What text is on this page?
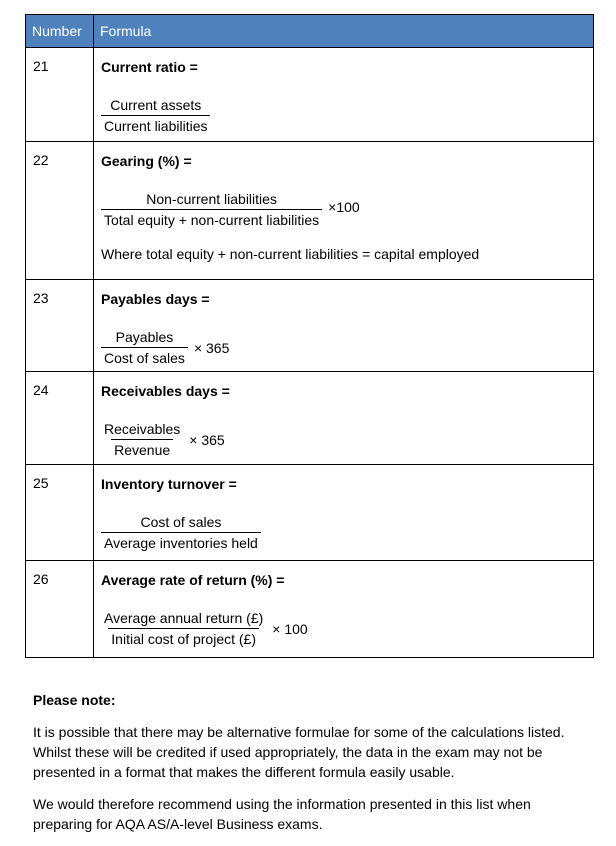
Number	Formula
21	Current ratio =
$\frac{\text{Current assets}}{\text{Current liabilities}}$

22	Gearing (%) =
$\frac{\text{Non-current liabilities}}{\text{Total equity + non-current liabilities}} \times 100$
Where total equity + non-current liabilities = capital employed

23	Payables days =
$\frac{\text{Payables}}{\text{Cost of sales}} \times 365$

24	Receivables days =
$\frac{\text{Receivables}}{\text{Revenue}} \times 365$

25	Inventory turnover =
$\frac{\text{Cost of sales}}{\text{Average inventories held}}$

26	Average rate of return (%) =
$\frac{\text{Average annual return (£)}}{\text{Initial cost of project (£)}} \times 100$

Please note:

It is possible that there may be alternative formulae for some of the calculations listed. Whilst these will be credited if used appropriately, the data in the exam may not be presented in a format that makes the different formula easily usable.

We would therefore recommend using the information presented in this list when preparing for AQA AS/A-level Business exams.
